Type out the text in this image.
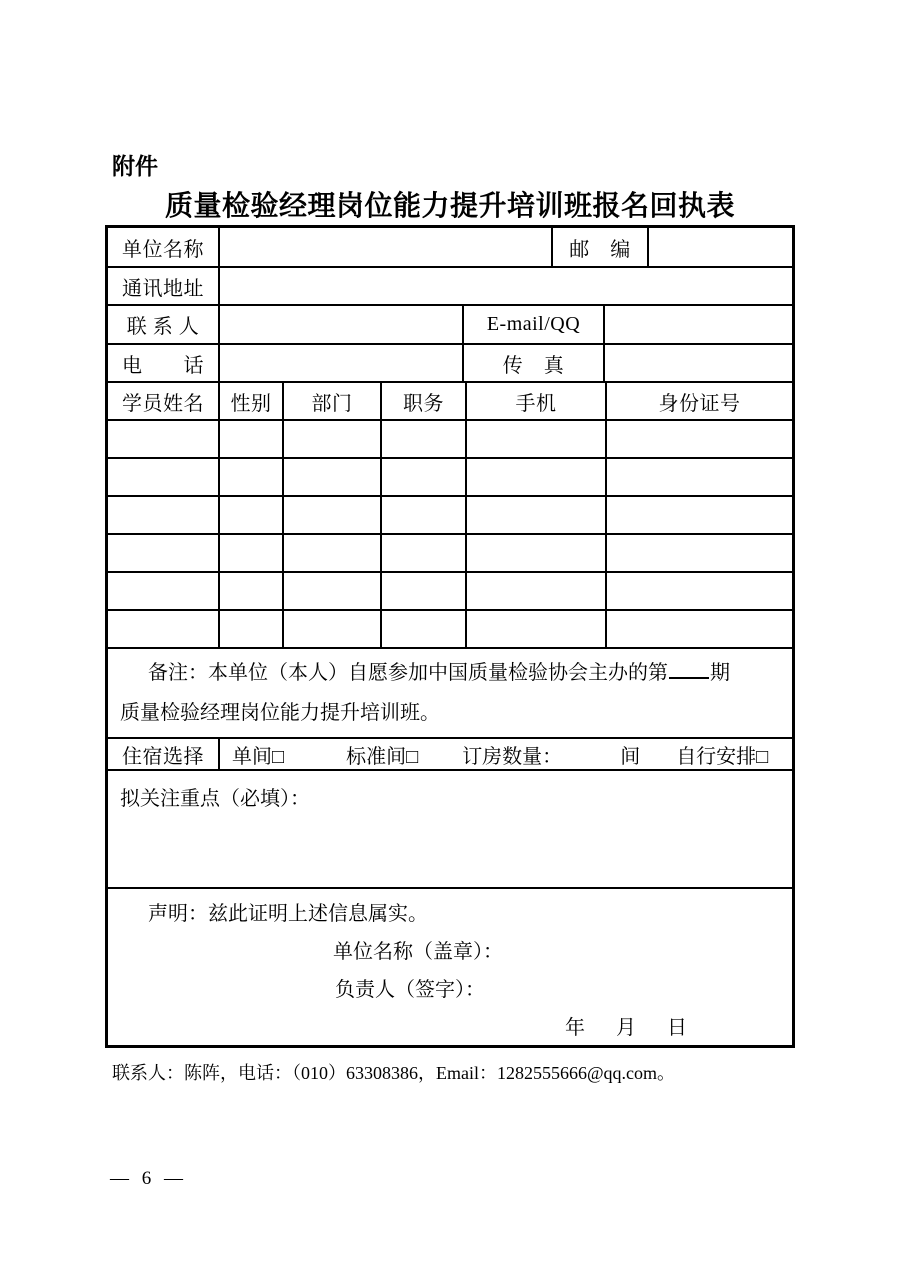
附件
质量检验经理岗位能力提升培训班报名回执表
单位名称	邮　编
通讯地址
联 系 人	E-mail/QQ
电　　话	传　真
学员姓名	性别	部门	职务	手机	身份证号
备注：本单位（本人）自愿参加中国质量检验协会主办的第 期
质量检验经理岗位能力提升培训班。
住宿选择	单间□	标准间□ 订房数量：	间 自行安排□
拟关注重点（必填）：
声明：兹此证明上述信息属实。
单位名称（盖章）：
负责人（签字）：
年 月 日
联系人：陈阵，电话：（010）63308386，Email：1282555666@qq.com。
— 6 —
